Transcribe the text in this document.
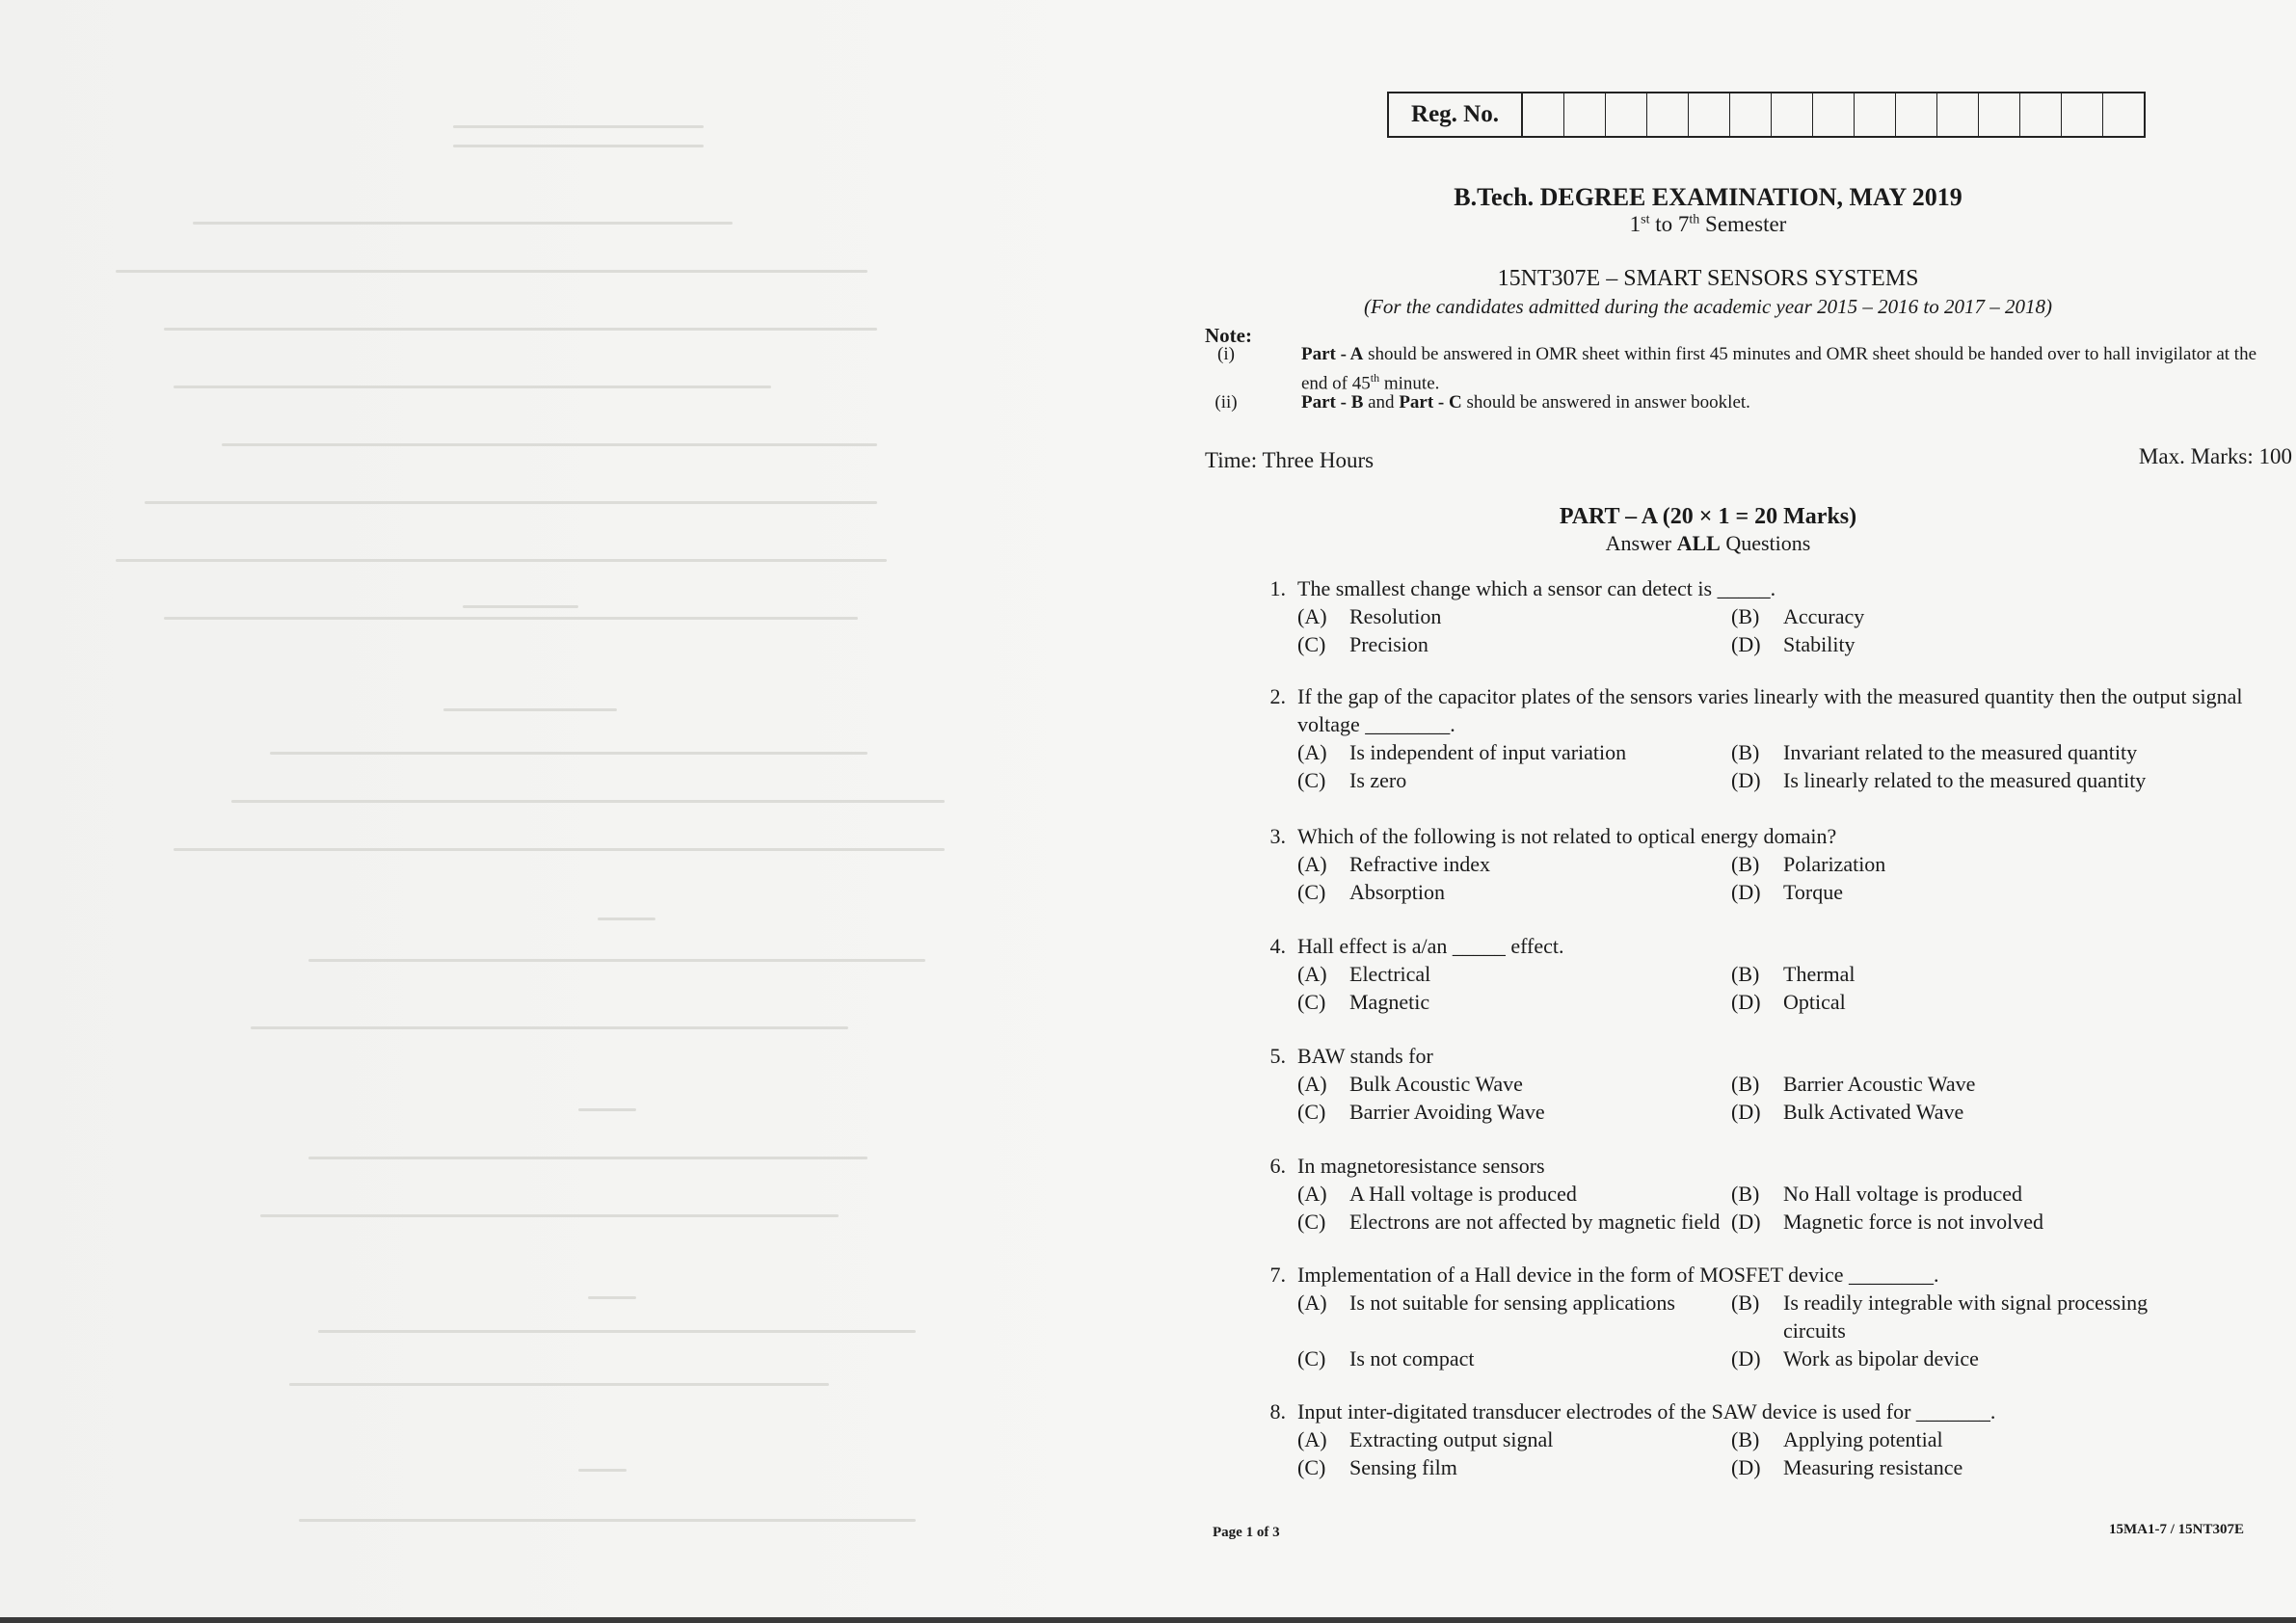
Reg. No.
B.Tech. DEGREE EXAMINATION, MAY 2019
1st to 7th Semester
15NT307E – SMART SENSORS SYSTEMS
(For the candidates admitted during the academic year 2015 – 2016 to 2017 – 2018)
Note:
(i)	Part - A should be answered in OMR sheet within first 45 minutes and OMR sheet should be handed over to hall invigilator at the end of 45th minute.
(ii)	Part - B and Part - C should be answered in answer booklet.
Time: Three Hours	Max. Marks: 100
PART – A (20 × 1 = 20 Marks)
Answer ALL Questions
1. The smallest change which a sensor can detect is _____.
(A)	Resolution	(B)	Accuracy
(C)	Precision	(D)	Stability
2. If the gap of the capacitor plates of the sensors varies linearly with the measured quantity then the output signal voltage ________.
(A)	Is independent of input variation	(B)	Invariant related to the measured quantity
(C)	Is zero	(D)	Is linearly related to the measured quantity
3. Which of the following is not related to optical energy domain?
(A)	Refractive index	(B)	Polarization
(C)	Absorption	(D)	Torque
4. Hall effect is a/an _____ effect.
(A)	Electrical	(B)	Thermal
(C)	Magnetic	(D)	Optical
5. BAW stands for
(A)	Bulk Acoustic Wave	(B)	Barrier Acoustic Wave
(C)	Barrier Avoiding Wave	(D)	Bulk Activated Wave
6. In magnetoresistance sensors
(A)	A Hall voltage is produced	(B)	No Hall voltage is produced
(C)	Electrons are not affected by magnetic field (D)	Magnetic force is not involved
7. Implementation of a Hall device in the form of MOSFET device ________.
(A)	Is not suitable for sensing applications	(B)	Is readily integrable with signal processing circuits
(C)	Is not compact	(D)	Work as bipolar device
8. Input inter-digitated transducer electrodes of the SAW device is used for _______.
(A)	Extracting output signal	(B)	Applying potential
(C)	Sensing film	(D)	Measuring resistance
Page 1 of 3	15MA1-7 / 15NT307E
